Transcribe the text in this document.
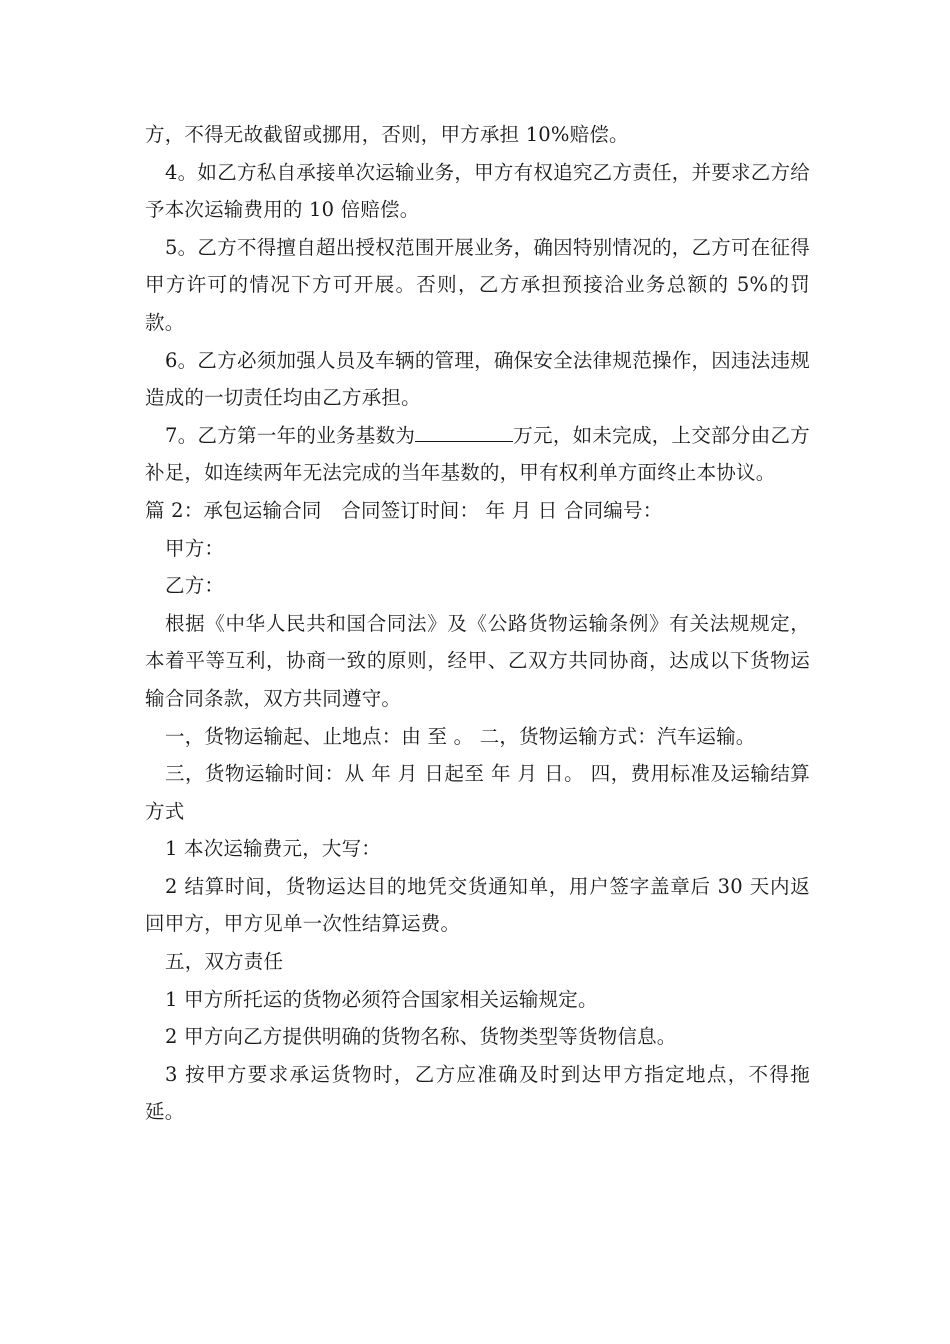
方，不得无故截留或挪用，否则，甲方承担 10%赔偿。

4。如乙方私自承接单次运输业务，甲方有权追究乙方责任，并要求乙方给予本次运输费用的 10 倍赔偿。

5。乙方不得擅自超出授权范围开展业务，确因特别情况的，乙方可在征得甲方许可的情况下方可开展。否则，乙方承担预接洽业务总额的 5%的罚款。

6。乙方必须加强人员及车辆的管理，确保安全法律规范操作，因违法违规造成的一切责任均由乙方承担。

7。乙方第一年的业务基数为	万元，如未完成，上交部分由乙方补足，如连续两年无法完成的当年基数的，甲有权利单方面终止本协议。

篇 2：承包运输合同　合同签订时间： 年 月 日 合同编号：

甲方：

乙方：

根据《中华人民共和国合同法》及《公路货物运输条例》有关法规规定，本着平等互利，协商一致的原则，经甲、乙双方共同协商，达成以下货物运输合同条款，双方共同遵守。

一，货物运输起、止地点：由 至 。 二，货物运输方式：汽车运输。

三，货物运输时间：从 年 月 日起至 年 月 日。 四，费用标准及运输结算方式

1 本次运输费元，大写：

2 结算时间，货物运达目的地凭交货通知单，用户签字盖章后 30 天内返回甲方，甲方见单一次性结算运费。

五，双方责任

1 甲方所托运的货物必须符合国家相关运输规定。

2 甲方向乙方提供明确的货物名称、货物类型等货物信息。

3 按甲方要求承运货物时，乙方应准确及时到达甲方指定地点，不得拖延。
